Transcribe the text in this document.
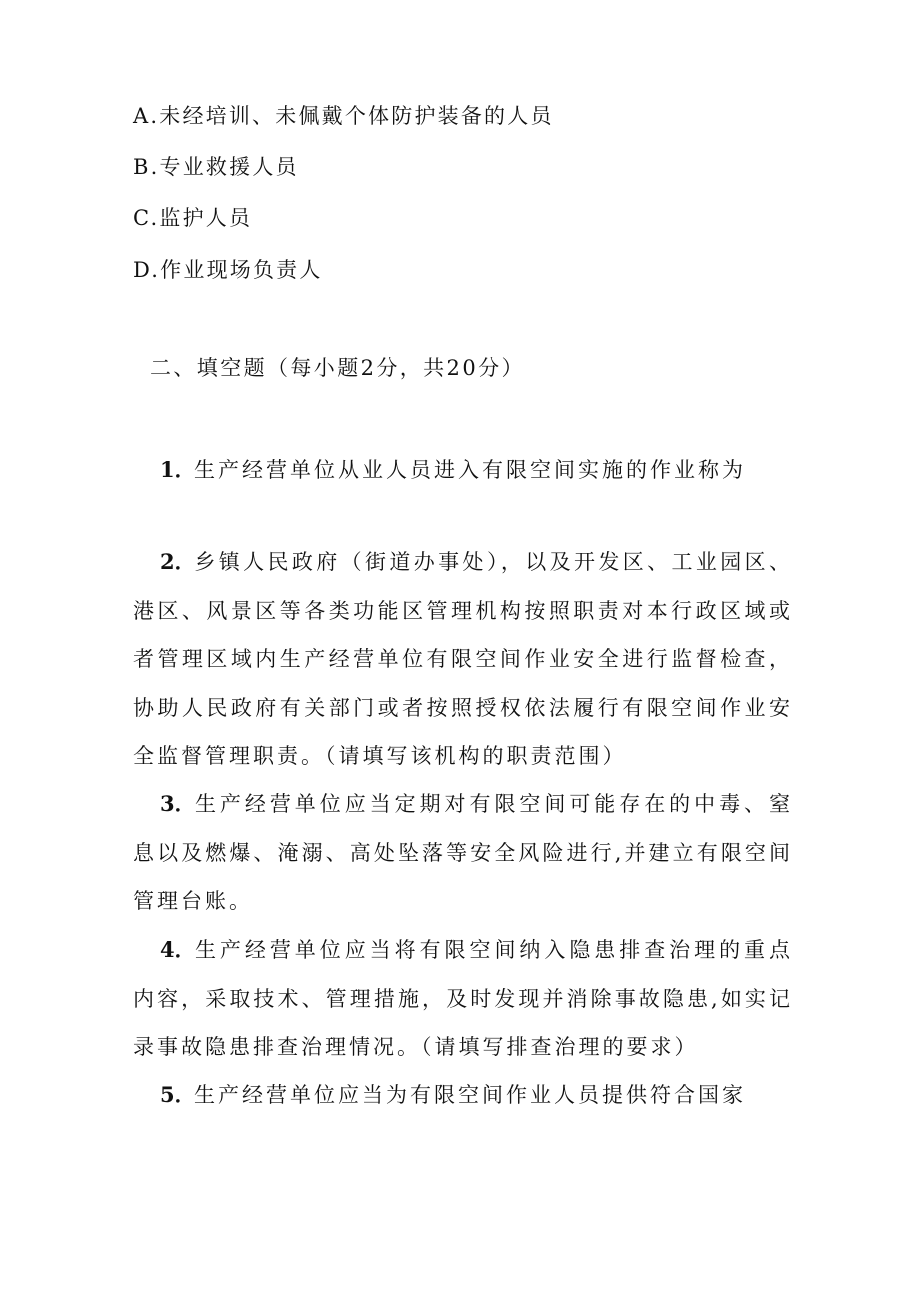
A.未经培训、未佩戴个体防护装备的人员
B.专业救援人员
C.监护人员
D.作业现场负责人
二、填空题（每小题2分，共20分）
1．生产经营单位从业人员进入有限空间实施的作业称为
2．乡镇人民政府（街道办事处），以及开发区、工业园区、港区、风景区等各类功能区管理机构按照职责对本行政区域或者管理区域内生产经营单位有限空间作业安全进行监督检查，协助人民政府有关部门或者按照授权依法履行有限空间作业安全监督管理职责。（请填写该机构的职责范围）
3．生产经营单位应当定期对有限空间可能存在的中毒、窒息以及燃爆、淹溺、高处坠落等安全风险进行,并建立有限空间管理台账。
4．生产经营单位应当将有限空间纳入隐患排查治理的重点内容，采取技术、管理措施，及时发现并消除事故隐患,如实记录事故隐患排查治理情况。（请填写排查治理的要求）
5．生产经营单位应当为有限空间作业人员提供符合国家
